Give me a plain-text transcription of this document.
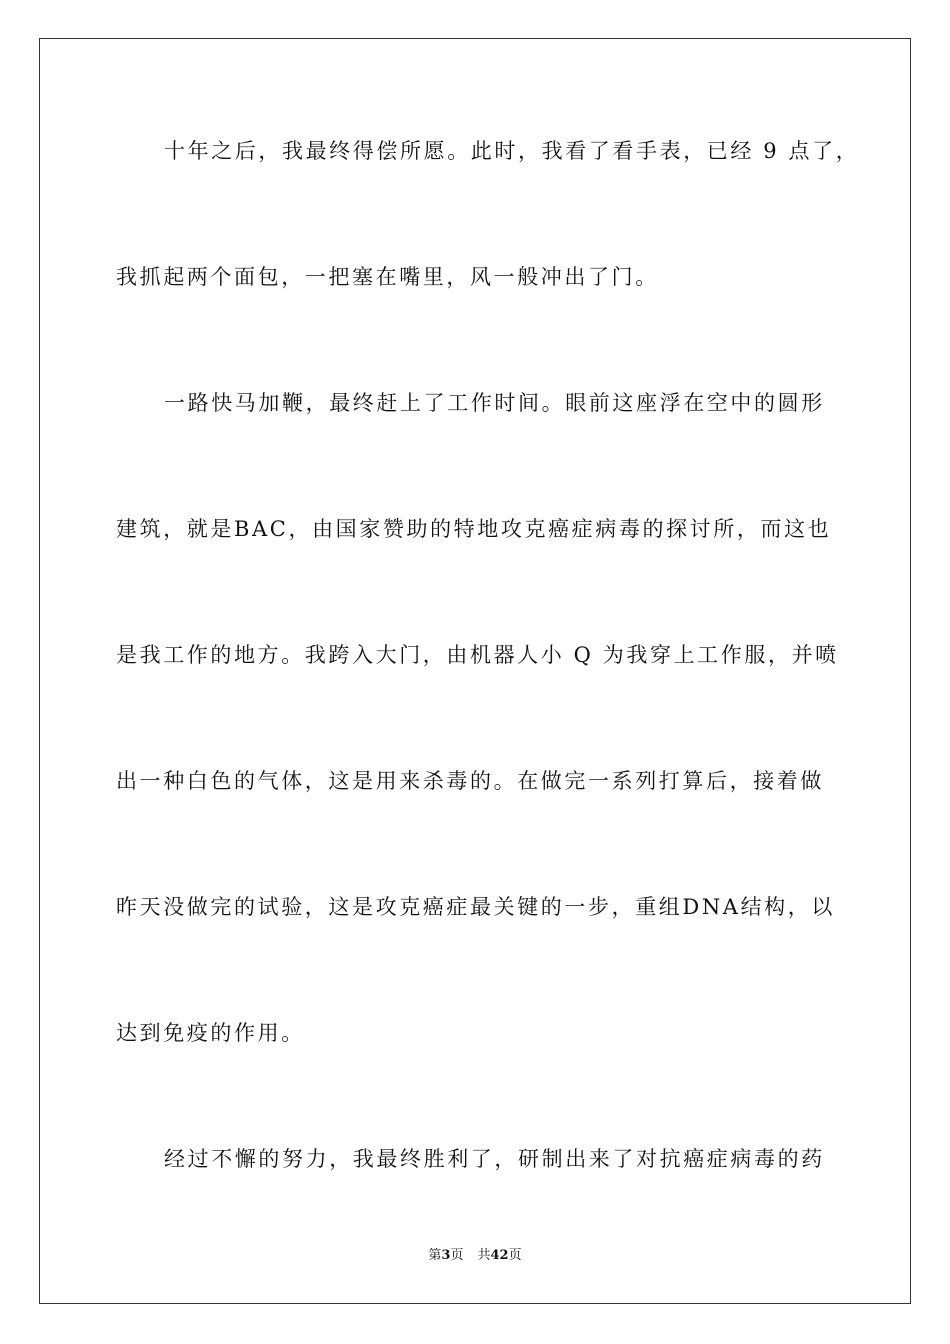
十年之后，我最终得偿所愿。此时，我看了看手表，已经 9 点了，
我抓起两个面包，一把塞在嘴里，风一般冲出了门。
一路快马加鞭，最终赶上了工作时间。眼前这座浮在空中的圆形
建筑，就是BAC，由国家赞助的特地攻克癌症病毒的探讨所，而这也
是我工作的地方。我跨入大门，由机器人小 Q 为我穿上工作服，并喷
出一种白色的气体，这是用来杀毒的。在做完一系列打算后，接着做
昨天没做完的试验，这是攻克癌症最关键的一步，重组DNA结构，以
达到免疫的作用。
经过不懈的努力，我最终胜利了，研制出来了对抗癌症病毒的药
第3页 共42页
